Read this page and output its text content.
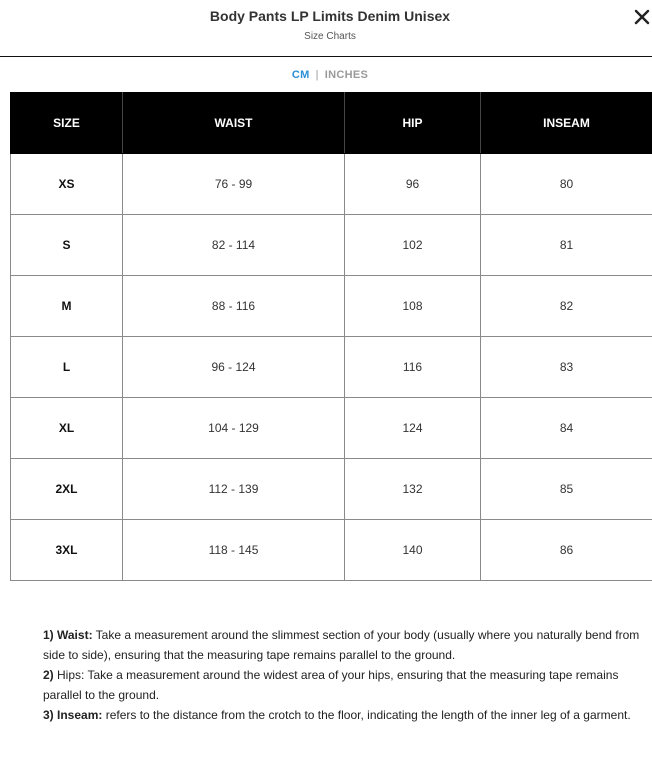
Body Pants LP Limits Denim Unisex
Size Charts
CM | INCHES
SIZE	WAIST	HIP	INSEAM
XS	76 - 99	96	80
S	82 - 114	102	81
M	88 - 116	108	82
L	96 - 124	116	83
XL	104 - 129	124	84
2XL	112 - 139	132	85
3XL	118 - 145	140	86

1) Waist: Take a measurement around the slimmest section of your body (usually where you naturally bend from side to side), ensuring that the measuring tape remains parallel to the ground.

2) Hips: Take a measurement around the widest area of your hips, ensuring that the measuring tape remains parallel to the ground.

3) Inseam: refers to the distance from the crotch to the floor, indicating the length of the inner leg of a garment.
